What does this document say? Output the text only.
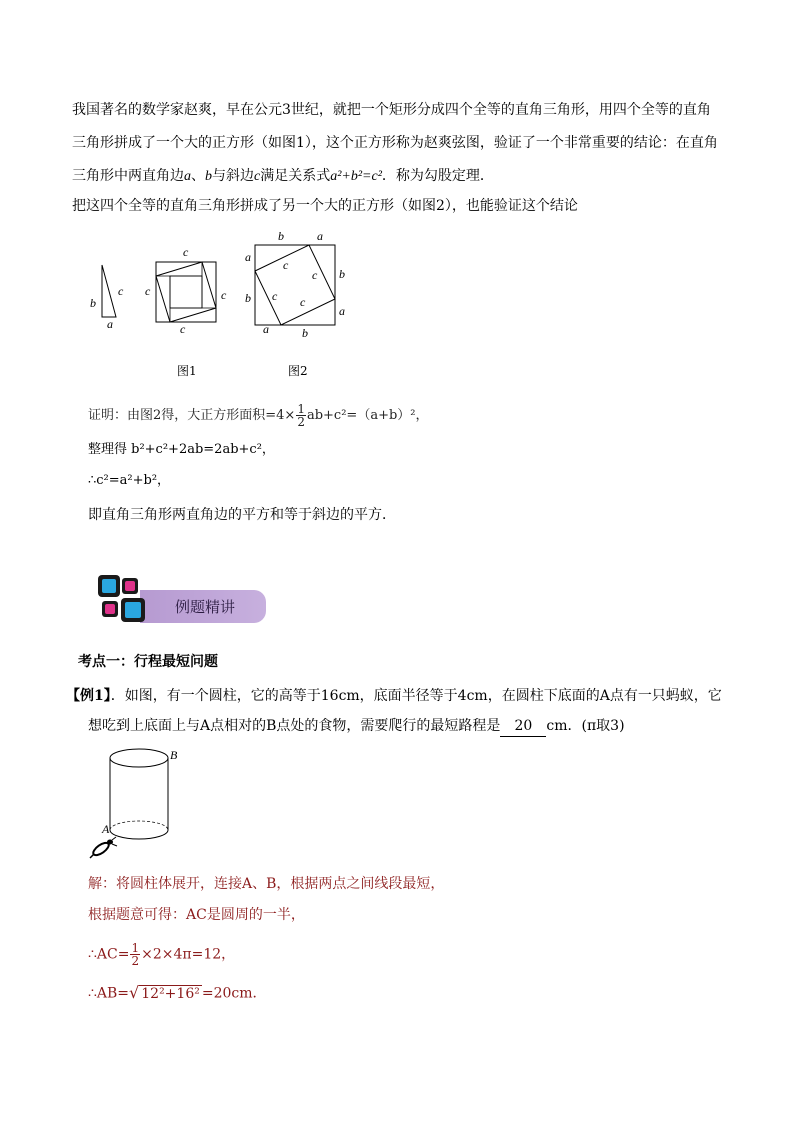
我国著名的数学家赵爽，早在公元3世纪，就把一个矩形分成四个全等的直角三角形，用四个全等的直角
三角形拼成了一个大的正方形（如图1），这个正方形称为赵爽弦图，验证了一个非常重要的结论：在直角
三角形中两直角边a、b与斜边c满足关系式a²+b²=c²．称为勾股定理．
把这四个全等的直角三角形拼成了另一个大的正方形（如图2），也能验证这个结论
b
c
a
c
c	c
c
b	a
a
b
b
a
a	b
c
c
c c
图1	图2
证明：由图2得，大正方形面积$=4\times \frac{1}{2} ab+c^2=(a+b)^2$，
整理得 b²+c²+2ab=2ab+c²，
∴c²=a²+b²，
即直角三角形两直角边的平方和等于斜边的平方．
例题精讲
考点一：行程最短问题
【例1】．如图，有一个圆柱，它的高等于16cm，底面半径等于4cm，在圆柱下底面的A点有一只蚂蚁，它
想吃到上底面上与A点相对的B点处的食物，需要爬行的最短路程是 20 cm．(π取3)
B
A
解：将圆柱体展开，连接A、B，根据两点之间线段最短，
根据题意可得：AC是圆周的一半，
∴AC= $\frac{1}{2} \times 2\times 4\pi=12$，
∴AB=√ 12²+16² =20cm．
